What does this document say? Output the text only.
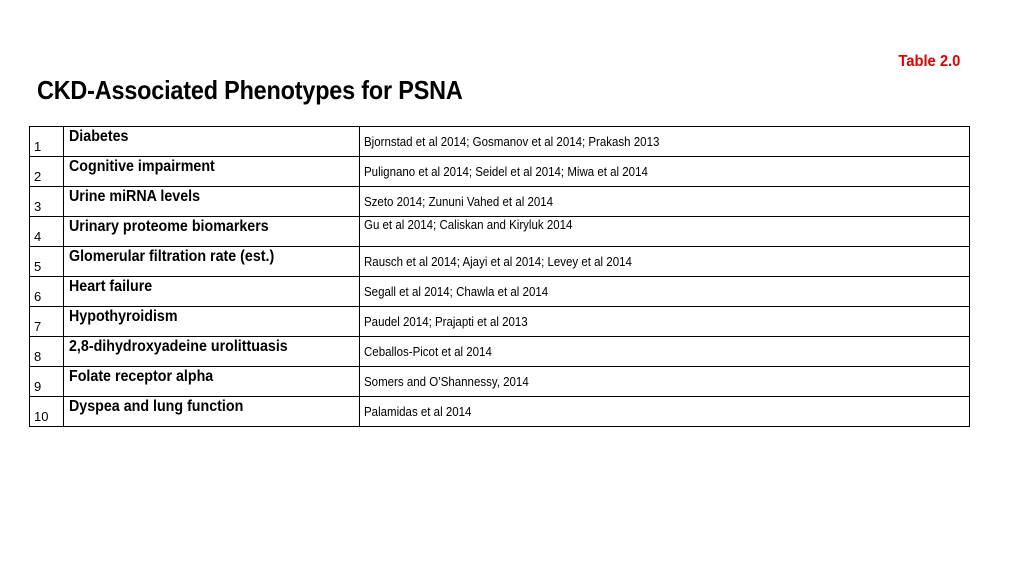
Table 2.0
CKD-Associated Phenotypes for PSNA
1	Diabetes	Bjornstad et al 2014; Gosmanov et al 2014; Prakash 2013
2	Cognitive impairment	Pulignano et al 2014; Seidel et al 2014; Miwa et al 2014
3	Urine miRNA levels	Szeto 2014; Zununi Vahed et al 2014
4	Urinary proteome biomarkers	Gu et al 2014; Caliskan and Kiryluk 2014
5	Glomerular filtration rate (est.)	Rausch et al 2014; Ajayi et al 2014; Levey et al 2014
6	Heart failure	Segall et al 2014; Chawla et al 2014
7	Hypothyroidism	Paudel 2014; Prajapti et al 2013
8	2,8-dihydroxyadeine urolittuasis	Ceballos-Picot et al 2014
9	Folate receptor alpha	Somers and O’Shannessy, 2014
10	Dyspea and lung function	Palamidas et al 2014
